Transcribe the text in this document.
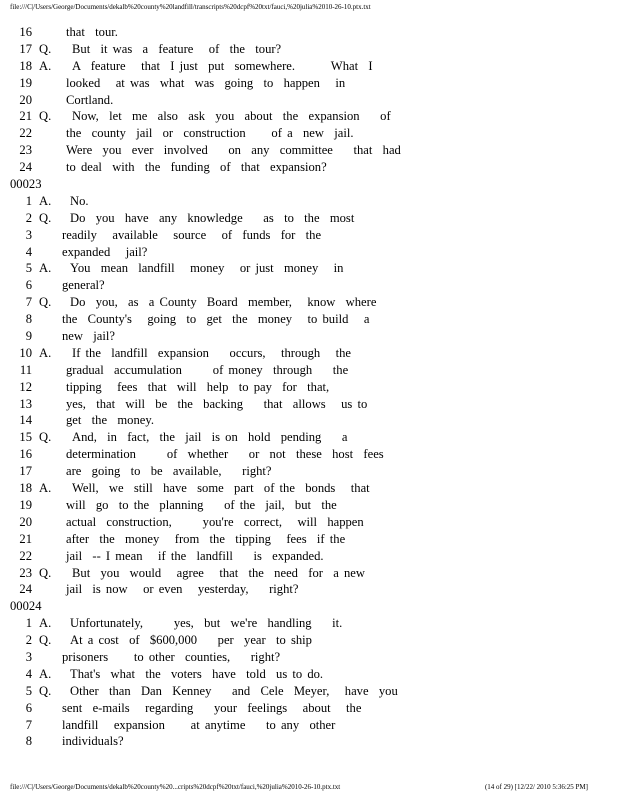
file:///C|/Users/George/Documents/dekalb%20county%20landfill/transcripts%20dcpf%20txt/fauci,%20julia%2010-26-10.ptx.txt
16	that  tour.
17 Q. But  it was  a  feature   of  the  tour?
18 A. A  feature   that  I just  put  somewhere.       What  I
19	looked   at was  what  was  going  to  happen   in
20	Cortland.
21 Q. Now,  let  me  also  ask  you  about  the  expansion    of
22	the  county  jail  or  construction     of a  new  jail.
23	Were  you  ever  involved    on  any  committee    that  had
24	to deal  with  the  funding  of  that  expansion?
00023
1 A. No.
2 Q. Do  you  have  any  knowledge    as  to  the  most
3 readily   available   source   of  funds  for  the
4 expanded   jail?
5 A. You  mean  landfill   money   or just  money   in
6 general?
7 Q. Do  you,  as  a County  Board  member,   know  where
8 the  County's   going  to  get  the  money   to build   a
9 new  jail?
10 A. If the  landfill  expansion    occurs,   through   the
11	gradual  accumulation      of money  through    the
12	tipping   fees  that  will  help  to pay  for  that,
13	yes,  that  will  be  the  backing    that  allows   us to
14	get  the  money.
15 Q. And,  in  fact,  the  jail  is on  hold  pending    a
16	determination      of  whether    or  not  these  host  fees
17	are  going  to  be  available,    right?
18 A. Well,  we  still  have  some  part  of the  bonds   that
19	will  go  to the  planning    of the  jail,  but  the
20	actual  construction,      you're  correct,   will  happen
21	after  the  money   from  the  tipping   fees  if the
22	jail  -- I mean   if the  landfill    is  expanded.
23 Q. But  you  would   agree   that  the  need  for  a new
24	jail  is now   or even   yesterday,    right?
00024
1 A. Unfortunately,      yes,  but  we're  handling    it.
2 Q. At a cost  of  $600,000    per  year  to ship
3 prisoners     to other  counties,    right?
4 A. That's  what  the  voters  have  told  us to do.
5 Q. Other  than  Dan  Kenney    and  Cele  Meyer,   have  you
6 sent  e-mails   regarding    your  feelings   about   the
7 landfill   expansion     at anytime    to any  other
8 individuals?
file:///C|/Users/George/Documents/dekalb%20county%20...cripts%20dcpf%20txt/fauci,%20julia%2010-26-10.ptx.txt	(14 of 29) [12/22/ 2010 5:36:25 PM]
